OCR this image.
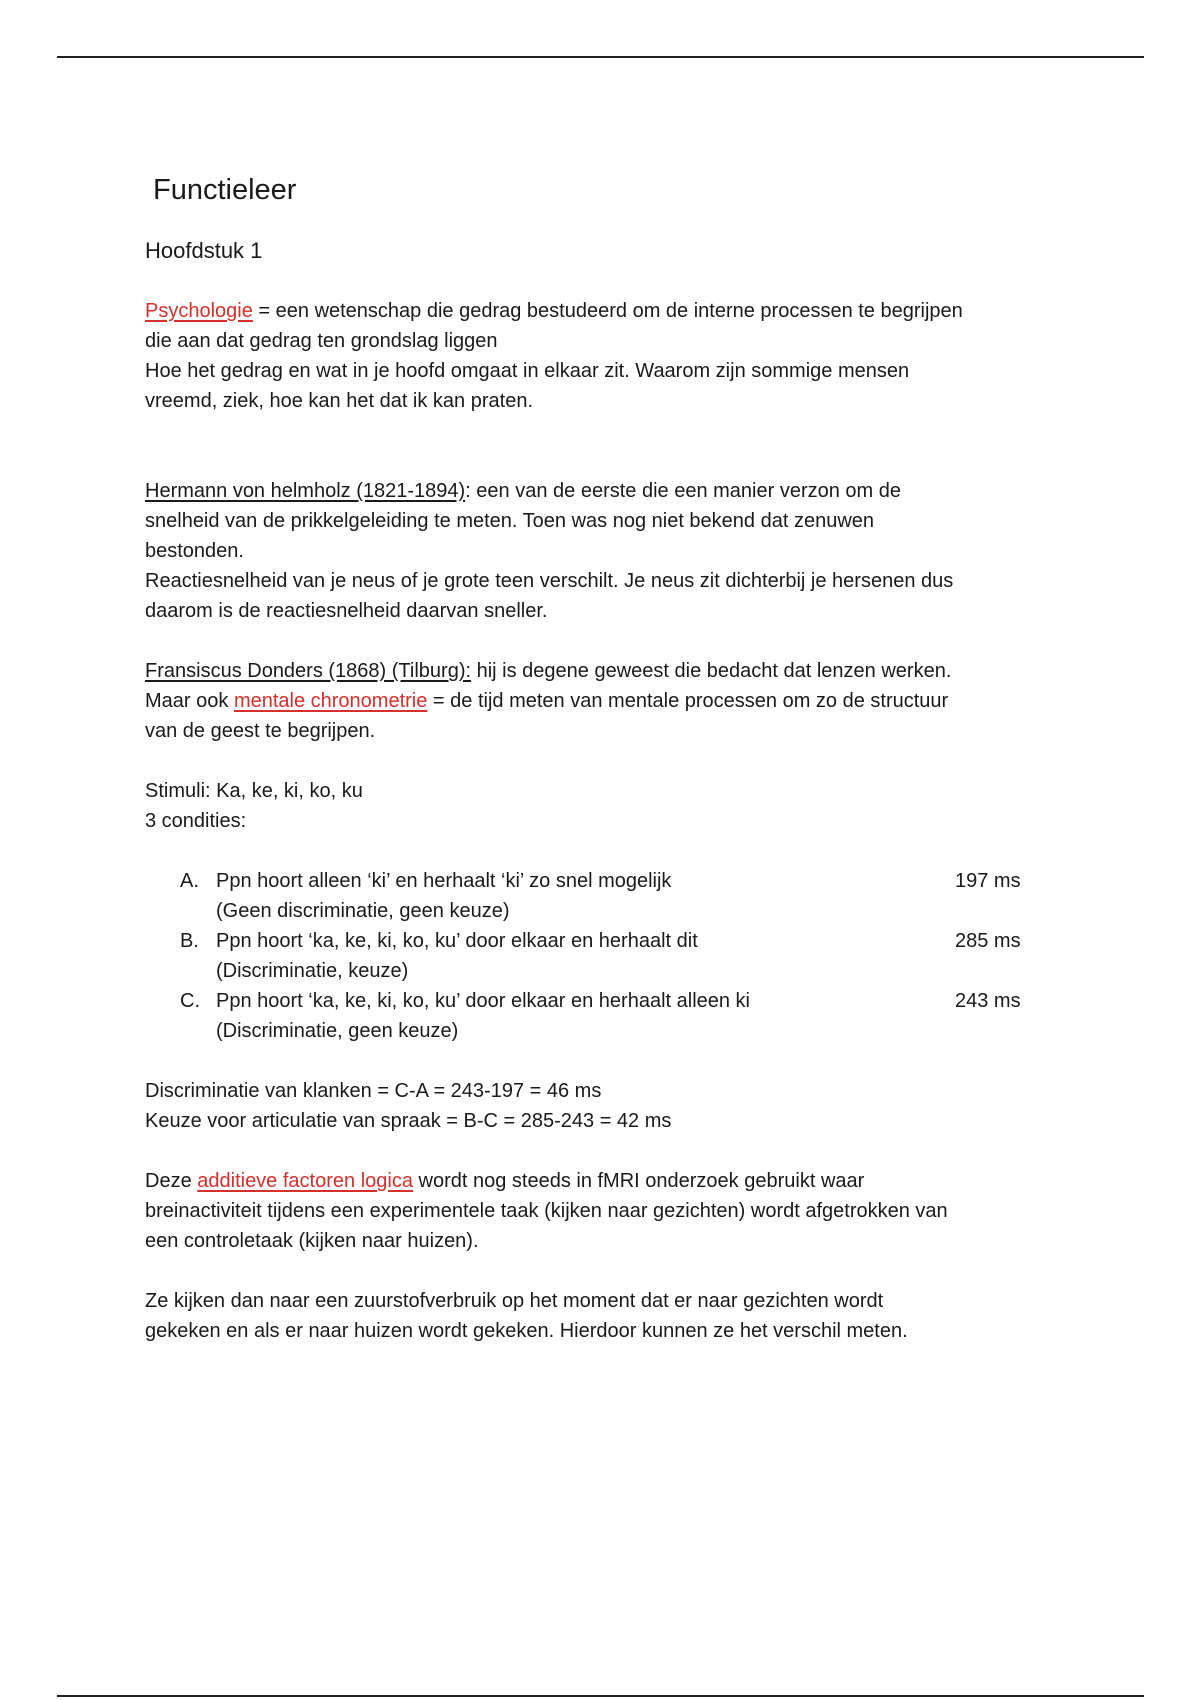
Functieleer
Hoofdstuk 1

Psychologie = een wetenschap die gedrag bestudeerd om de interne processen te begrijpen

die aan dat gedrag ten grondslag liggen

Hoe het gedrag en wat in je hoofd omgaat in elkaar zit. Waarom zijn sommige mensen

vreemd, ziek, hoe kan het dat ik kan praten.

Hermann von helmholz (1821-1894): een van de eerste die een manier verzon om de

snelheid van de prikkelgeleiding te meten. Toen was nog niet bekend dat zenuwen

bestonden.

Reactiesnelheid van je neus of je grote teen verschilt. Je neus zit dichterbij je hersenen dus

daarom is de reactiesnelheid daarvan sneller.

Fransiscus Donders (1868) (Tilburg): hij is degene geweest die bedacht dat lenzen werken.

Maar ook mentale chronometrie = de tijd meten van mentale processen om zo de structuur

van de geest te begrijpen.

Stimuli: Ka, ke, ki, ko, ku

3 condities:

A. Ppn hoort alleen ‘ki’ en herhaalt ‘ki’ zo snel mogelijk
(Geen discriminatie, geen keuze)
197 ms
B. Ppn hoort ‘ka, ke, ki, ko, ku’ door elkaar en herhaalt dit
(Discriminatie, keuze)
285 ms
C. Ppn hoort ‘ka, ke, ki, ko, ku’ door elkaar en herhaalt alleen ki
(Discriminatie, geen keuze)
243 ms

Discriminatie van klanken = C-A = 243-197 = 46 ms

Keuze voor articulatie van spraak = B-C = 285-243 = 42 ms

Deze additieve factoren logica wordt nog steeds in fMRI onderzoek gebruikt waar

breinactiviteit tijdens een experimentele taak (kijken naar gezichten) wordt afgetrokken van

een controletaak (kijken naar huizen).

Ze kijken dan naar een zuurstofverbruik op het moment dat er naar gezichten wordt

gekeken en als er naar huizen wordt gekeken. Hierdoor kunnen ze het verschil meten.
